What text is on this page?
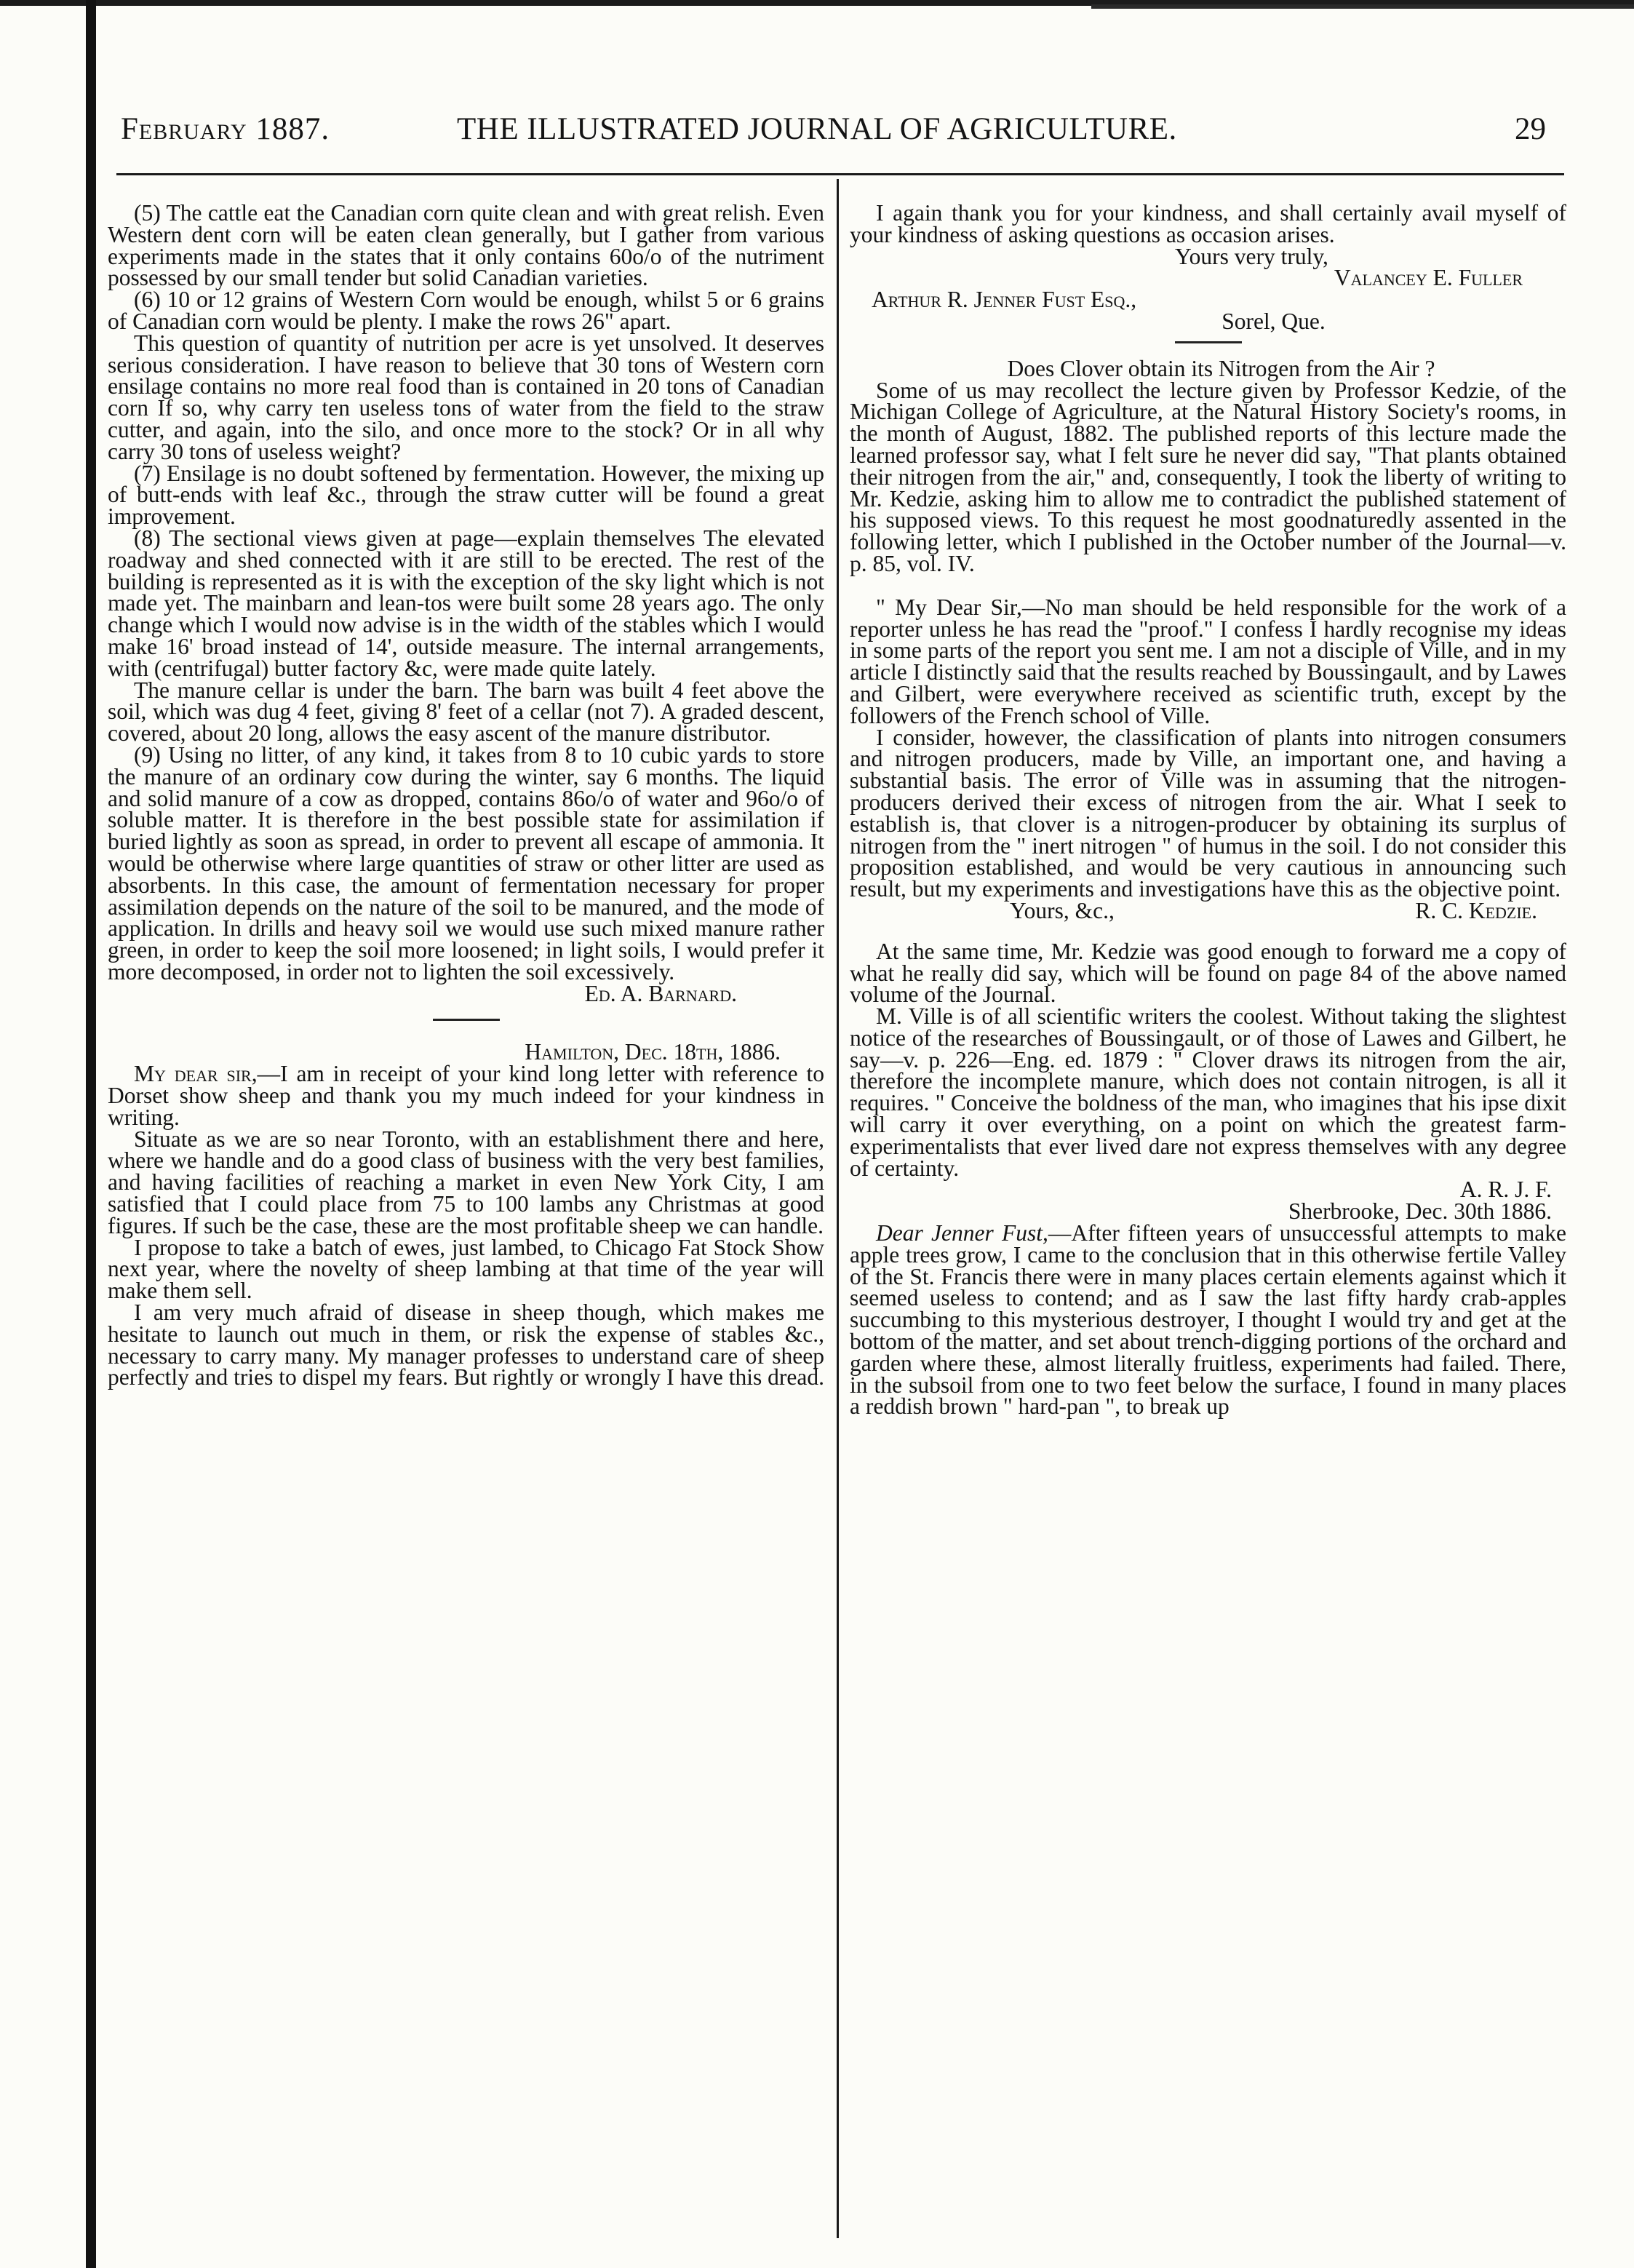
February 1887.	THE ILLUSTRATED JOURNAL OF AGRICULTURE.	29

(5) The cattle eat the Canadian corn quite clean and with great relish. Even Western dent corn will be eaten clean generally, but I gather from various experiments made in the states that it only contains 60o/o of the nutriment possessed by our small tender but solid Canadian varieties.

(6) 10 or 12 grains of Western Corn would be enough, whilst 5 or 6 grains of Canadian corn would be plenty. I make the rows 26" apart.

This question of quantity of nutrition per acre is yet unsolved. It deserves serious consideration. I have reason to believe that 30 tons of Western corn ensilage contains no more real food than is contained in 20 tons of Canadian corn If so, why carry ten useless tons of water from the field to the straw cutter, and again, into the silo, and once more to the stock? Or in all why carry 30 tons of useless weight?

(7) Ensilage is no doubt softened by fermentation. However, the mixing up of butt-ends with leaf &c., through the straw cutter will be found a great improvement.

(8) The sectional views given at page—explain themselves The elevated roadway and shed connected with it are still to be erected. The rest of the building is represented as it is with the exception of the sky light which is not made yet. The mainbarn and lean-tos were built some 28 years ago. The only change which I would now advise is in the width of the stables which I would make 16' broad instead of 14', outside measure. The internal arrangements, with (centrifugal) butter factory &c, were made quite lately.

The manure cellar is under the barn. The barn was built 4 feet above the soil, which was dug 4 feet, giving 8' feet of a cellar (not 7). A graded descent, covered, about 20 long, allows the easy ascent of the manure distributor.

(9) Using no litter, of any kind, it takes from 8 to 10 cubic yards to store the manure of an ordinary cow during the winter, say 6 months. The liquid and solid manure of a cow as dropped, contains 86o/o of water and 96o/o of soluble matter. It is therefore in the best possible state for assimilation if buried lightly as soon as spread, in order to prevent all escape of ammonia. It would be otherwise where large quantities of straw or other litter are used as absorbents. In this case, the amount of fermentation necessary for proper assimilation depends on the nature of the soil to be manured, and the mode of application. In drills and heavy soil we would use such mixed manure rather green, in order to keep the soil more loosened; in light soils, I would prefer it more decomposed, in order not to lighten the soil excessively.

Ed. A. Barnard.

Hamilton, Dec. 18th, 1886.

My dear sir,—I am in receipt of your kind long letter with reference to Dorset show sheep and thank you my much indeed for your kindness in writing.

Situate as we are so near Toronto, with an establishment there and here, where we handle and do a good class of business with the very best families, and having facilities of reaching a market in even New York City, I am satisfied that I could place from 75 to 100 lambs any Christmas at good figures. If such be the case, these are the most profitable sheep we can handle.

I propose to take a batch of ewes, just lambed, to Chicago Fat Stock Show next year, where the novelty of sheep lambing at that time of the year will make them sell.

I am very much afraid of disease in sheep though, which makes me hesitate to launch out much in them, or risk the expense of stables &c., necessary to carry many. My manager professes to understand care of sheep perfectly and tries to dispel my fears. But rightly or wrongly I have this dread.

I again thank you for your kindness, and shall certainly avail myself of your kindness of asking questions as occasion arises.

Yours very truly,

Valancey E. Fuller

Arthur R. Jenner Fust Esq.,

Sorel, Que.

Does Clover obtain its Nitrogen from the Air ?

Some of us may recollect the lecture given by Professor Kedzie, of the Michigan College of Agriculture, at the Natural History Society's rooms, in the month of August, 1882. The published reports of this lecture made the learned professor say, what I felt sure he never did say, "That plants obtained their nitrogen from the air," and, consequently, I took the liberty of writing to Mr. Kedzie, asking him to allow me to contradict the published statement of his supposed views. To this request he most goodnaturedly assented in the following letter, which I published in the October number of the Journal—v. p. 85, vol. IV.

" My Dear Sir,—No man should be held responsible for the work of a reporter unless he has read the "proof." I confess I hardly recognise my ideas in some parts of the report you sent me. I am not a disciple of Ville, and in my article I distinctly said that the results reached by Boussingault, and by Lawes and Gilbert, were everywhere received as scientific truth, except by the followers of the French school of Ville.

I consider, however, the classification of plants into nitrogen consumers and nitrogen producers, made by Ville, an important one, and having a substantial basis. The error of Ville was in assuming that the nitrogen-producers derived their excess of nitrogen from the air. What I seek to establish is, that clover is a nitrogen-producer by obtaining its surplus of nitrogen from the " inert nitrogen " of humus in the soil. I do not consider this proposition established, and would be very cautious in announcing such result, but my experiments and investigations have this as the objective point.

Yours, &c.,	R. C. Kedzie.

At the same time, Mr. Kedzie was good enough to forward me a copy of what he really did say, which will be found on page 84 of the above named volume of the Journal.

M. Ville is of all scientific writers the coolest. Without taking the slightest notice of the researches of Boussingault, or of those of Lawes and Gilbert, he say—v. p. 226—Eng. ed. 1879 : " Clover draws its nitrogen from the air, therefore the incomplete manure, which does not contain nitrogen, is all it requires. " Conceive the boldness of the man, who imagines that his ipse dixit will carry it over everything, on a point on which the greatest farm-experimentalists that ever lived dare not express themselves with any degree of certainty.

A. R. J. F.

Sherbrooke, Dec. 30th 1886.

Dear Jenner Fust,—After fifteen years of unsuccessful attempts to make apple trees grow, I came to the conclusion that in this otherwise fertile Valley of the St. Francis there were in many places certain elements against which it seemed useless to contend; and as I saw the last fifty hardy crab-apples succumbing to this mysterious destroyer, I thought I would try and get at the bottom of the matter, and set about trench-digging portions of the orchard and garden where these, almost literally fruitless, experiments had failed. There, in the subsoil from one to two feet below the surface, I found in many places a reddish brown " hard-pan ", to break up
